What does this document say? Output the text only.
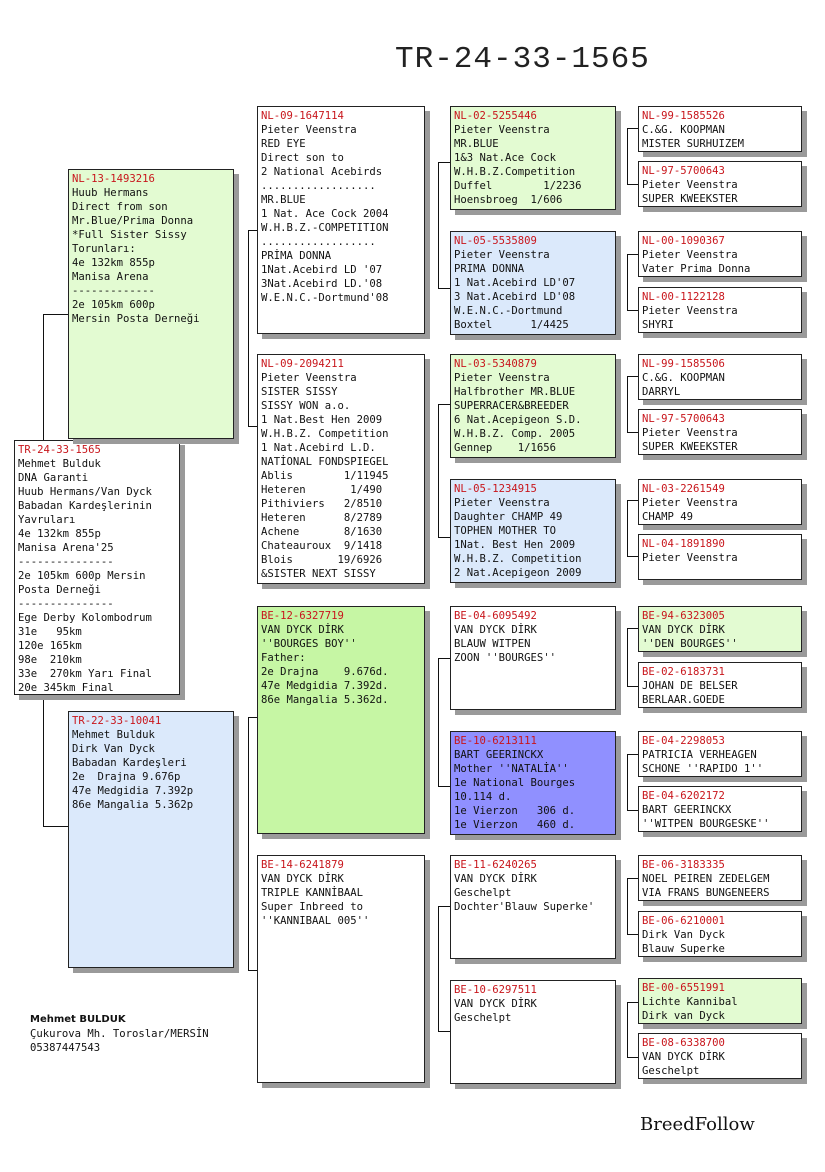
TR-24-33-1565
TR-24-33-1565
Mehmet Bulduk
DNA Garanti
Huub Hermans/Van Dyck
Babadan Kardeşlerinin
Yavruları
4e 132km 855p
Manisa Arena'25
---------------
2e 105km 600p Mersin
Posta Derneği
---------------
Ege Derby Kolombodrum
31e   95km
120e 165km
98e  210km
33e  270km Yarı Final
20e 345km Final
NL-13-1493216
Huub Hermans
Direct from son
Mr.Blue/Prima Donna
*Full Sister Sissy
Torunları:
4e 132km 855p
Manisa Arena
-------------
2e 105km 600p
Mersin Posta Derneği
TR-22-33-10041
Mehmet Bulduk
Dirk Van Dyck
Babadan Kardeşleri
2e  Drajna 9.676p
47e Medgidia 7.392p
86e Mangalia 5.362p
NL-09-1647114
Pieter Veenstra
RED EYE
Direct son to
2 National Acebirds
..................
MR.BLUE
1 Nat. Ace Cock 2004
W.H.B.Z.-COMPETITION
..................
PRİMA DONNA
1Nat.Acebird LD '07
3Nat.Acebird LD.'08
W.E.N.C.-Dortmund'08
NL-09-2094211
Pieter Veenstra
SISTER SISSY
SISSY WON a.o.
1 Nat.Best Hen 2009
W.H.B.Z. Competition
1 Nat.Acebird L.D.
NATİONAL FONDSPIEGEL
Ablis        1/11945
Heteren       1/490
Pithiviers   2/8510
Heteren      8/2789
Achene       8/1630
Chateauroux  9/1418
Blois       19/6926
&SISTER NEXT SISSY
BE-12-6327719
VAN DYCK DİRK
''BOURGES BOY''
Father:
2e Drajna    9.676d.
47e Medgidia 7.392d.
86e Mangalia 5.362d.
BE-14-6241879
VAN DYCK DİRK
TRIPLE KANNİBAAL
Super Inbreed to
''KANNIBAAL 005''
NL-02-5255446
Pieter Veenstra
MR.BLUE
1&3 Nat.Ace Cock
W.H.B.Z.Competition
Duffel        1/2236
Hoensbroeg  1/606
NL-05-5535809
Pieter Veenstra
PRIMA DONNA
1 Nat.Acebird LD'07
3 Nat.Acebird LD'08
W.E.N.C.-Dortmund
Boxtel      1/4425
NL-03-5340879
Pieter Veenstra
Halfbrother MR.BLUE
SUPERRACER&BREEDER
6 Nat.Acepigeon S.D.
W.H.B.Z. Comp. 2005
Gennep    1/1656
NL-05-1234915
Pieter Veenstra
Daughter CHAMP 49
TOPHEN MOTHER TO
1Nat. Best Hen 2009
W.H.B.Z. Competition
2 Nat.Acepigeon 2009
BE-04-6095492
VAN DYCK DİRK
BLAUW WITPEN
ZOON ''BOURGES''
BE-10-6213111
BART GEERINCKX
Mother ''NATALİA''
1e National Bourges
10.114 d.
1e Vierzon   306 d.
1e Vierzon   460 d.
BE-11-6240265
VAN DYCK DİRK
Geschelpt
Dochter'Blauw Superke'
BE-10-6297511
VAN DYCK DİRK
Geschelpt
NL-99-1585526
C.&G. KOOPMAN
MISTER SURHUIZEM
NL-97-5700643
Pieter Veenstra
SUPER KWEEKSTER
NL-00-1090367
Pieter Veenstra
Vater Prima Donna
NL-00-1122128
Pieter Veenstra
SHYRI
NL-99-1585506
C.&G. KOOPMAN
DARRYL
NL-97-5700643
Pieter Veenstra
SUPER KWEEKSTER
NL-03-2261549
Pieter Veenstra
CHAMP 49
NL-04-1891890
Pieter Veenstra
BE-94-6323005
VAN DYCK DİRK
''DEN BOURGES''
BE-02-6183731
JOHAN DE BELSER
BERLAAR.GOEDE
BE-04-2298053
PATRICIA VERHEAGEN
SCHONE ''RAPIDO 1''
BE-04-6202172
BART GEERINCKX
''WITPEN BOURGESKE''
BE-06-3183335
NOEL PEIREN ZEDELGEM
VIA FRANS BUNGENEERS
BE-06-6210001
Dirk Van Dyck
Blauw Superke
BE-00-6551991
Lichte Kannibal
Dirk van Dyck
BE-08-6338700
VAN DYCK DİRK
Geschelpt
Mehmet BULDUK
Çukurova Mh. Toroslar/MERSİN
05387447543
BreedFollow
